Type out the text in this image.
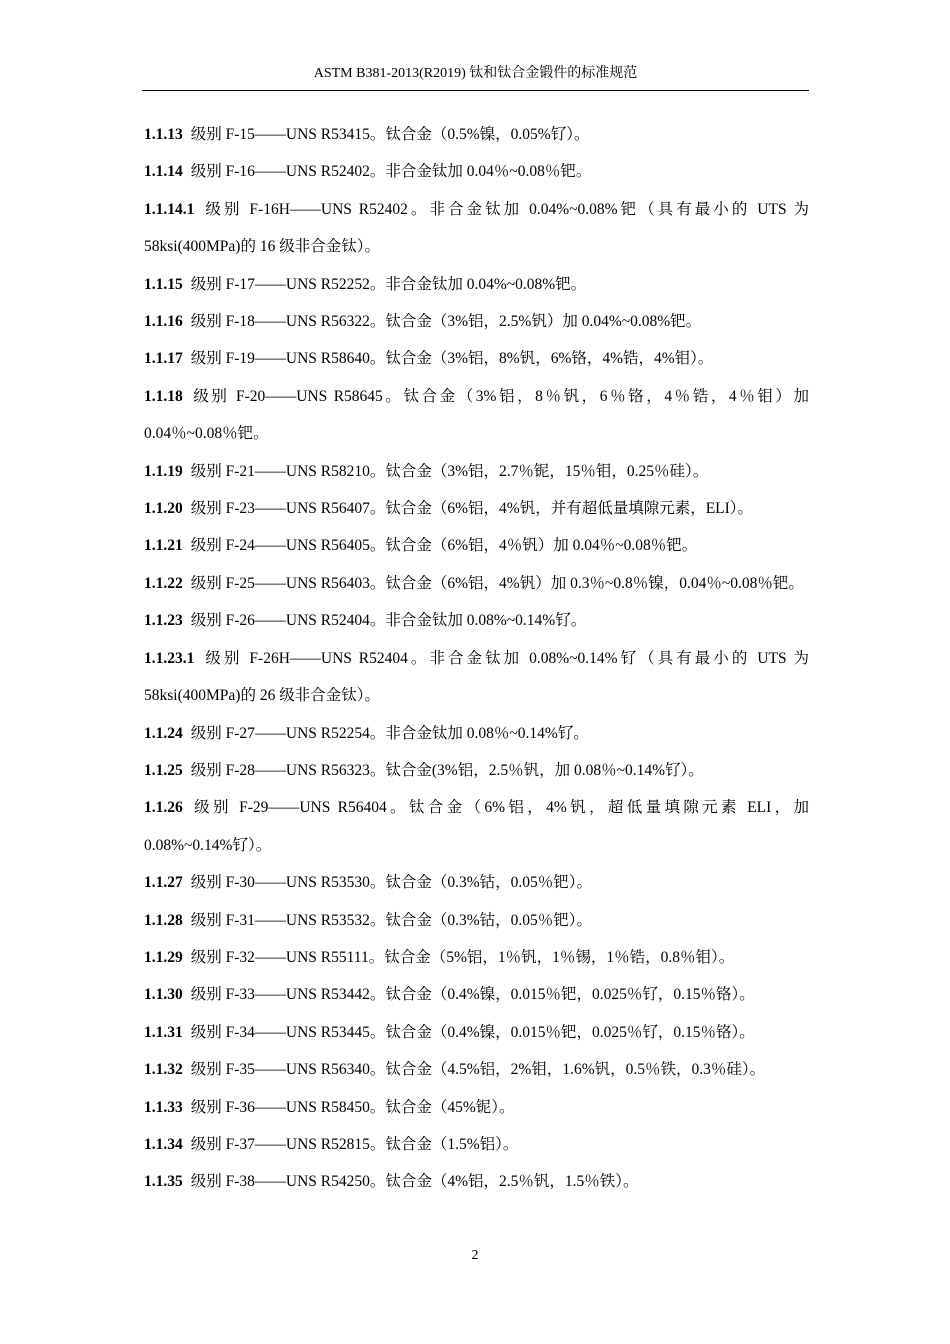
ASTM B381-2013(R2019) 钛和钛合金锻件的标准规范

1.1.13 级别 F-15——UNS R53415。钛合金（0.5%镍，0.05%钌）。

1.1.14 级别 F-16——UNS R52402。非合金钛加 0.04％~0.08％钯。

1.1.14.1 级别 F-16H——UNS R52402。非合金钛加 0.04%~0.08%钯（具有最小的 UTS 为 58ksi(400MPa)的 16 级非合金钛）。

1.1.15 级别 F-17——UNS R52252。非合金钛加 0.04%~0.08%钯。

1.1.16 级别 F-18——UNS R56322。钛合金（3%铝，2.5%钒）加 0.04%~0.08%钯。

1.1.17 级别 F-19——UNS R58640。钛合金（3%铝，8%钒，6%铬，4%锆，4%钼）。

1.1.18 级别 F-20——UNS R58645。钛合金（3%铝，8％钒，6％铬，4％锆，4％钼）加 0.04％~0.08％钯。

1.1.19 级别 F-21——UNS R58210。钛合金（3%铝，2.7％铌，15％钼，0.25％硅）。

1.1.20 级别 F-23——UNS R56407。钛合金（6%铝，4%钒，并有超低量填隙元素，ELI）。

1.1.21 级别 F-24——UNS R56405。钛合金（6%铝，4％钒）加 0.04％~0.08％钯。

1.1.22 级别 F-25——UNS R56403。钛合金（6%铝，4%钒）加 0.3％~0.8％镍，0.04％~0.08％钯。

1.1.23 级别 F-26——UNS R52404。非合金钛加 0.08%~0.14%钌。

1.1.23.1 级别 F-26H——UNS R52404。非合金钛加 0.08%~0.14%钌（具有最小的 UTS 为 58ksi(400MPa)的 26 级非合金钛）。

1.1.24 级别 F-27——UNS R52254。非合金钛加 0.08％~0.14%钌。

1.1.25 级别 F-28——UNS R56323。钛合金(3%铝，2.5％钒，加 0.08％~0.14%钌）。

1.1.26 级别 F-29——UNS R56404。钛合金（6%铝，4%钒，超低量填隙元素 ELI，加 0.08%~0.14%钌）。

1.1.27 级别 F-30——UNS R53530。钛合金（0.3%钴，0.05％钯）。

1.1.28 级别 F-31——UNS R53532。钛合金（0.3%钴，0.05％钯）。

1.1.29 级别 F-32——UNS R55111。钛合金（5%铝，1％钒，1％锡，1％锆，0.8％钼）。

1.1.30 级别 F-33——UNS R53442。钛合金（0.4%镍，0.015％钯，0.025％钌，0.15％铬）。

1.1.31 级别 F-34——UNS R53445。钛合金（0.4%镍，0.015％钯，0.025％钌，0.15％铬）。

1.1.32 级别 F-35——UNS R56340。钛合金（4.5%铝，2%钼，1.6%钒，0.5％铁，0.3％硅）。

1.1.33 级别 F-36——UNS R58450。钛合金（45%铌）。

1.1.34 级别 F-37——UNS R52815。钛合金（1.5%铝）。

1.1.35 级别 F-38——UNS R54250。钛合金（4%铝，2.5％钒，1.5％铁）。

2
